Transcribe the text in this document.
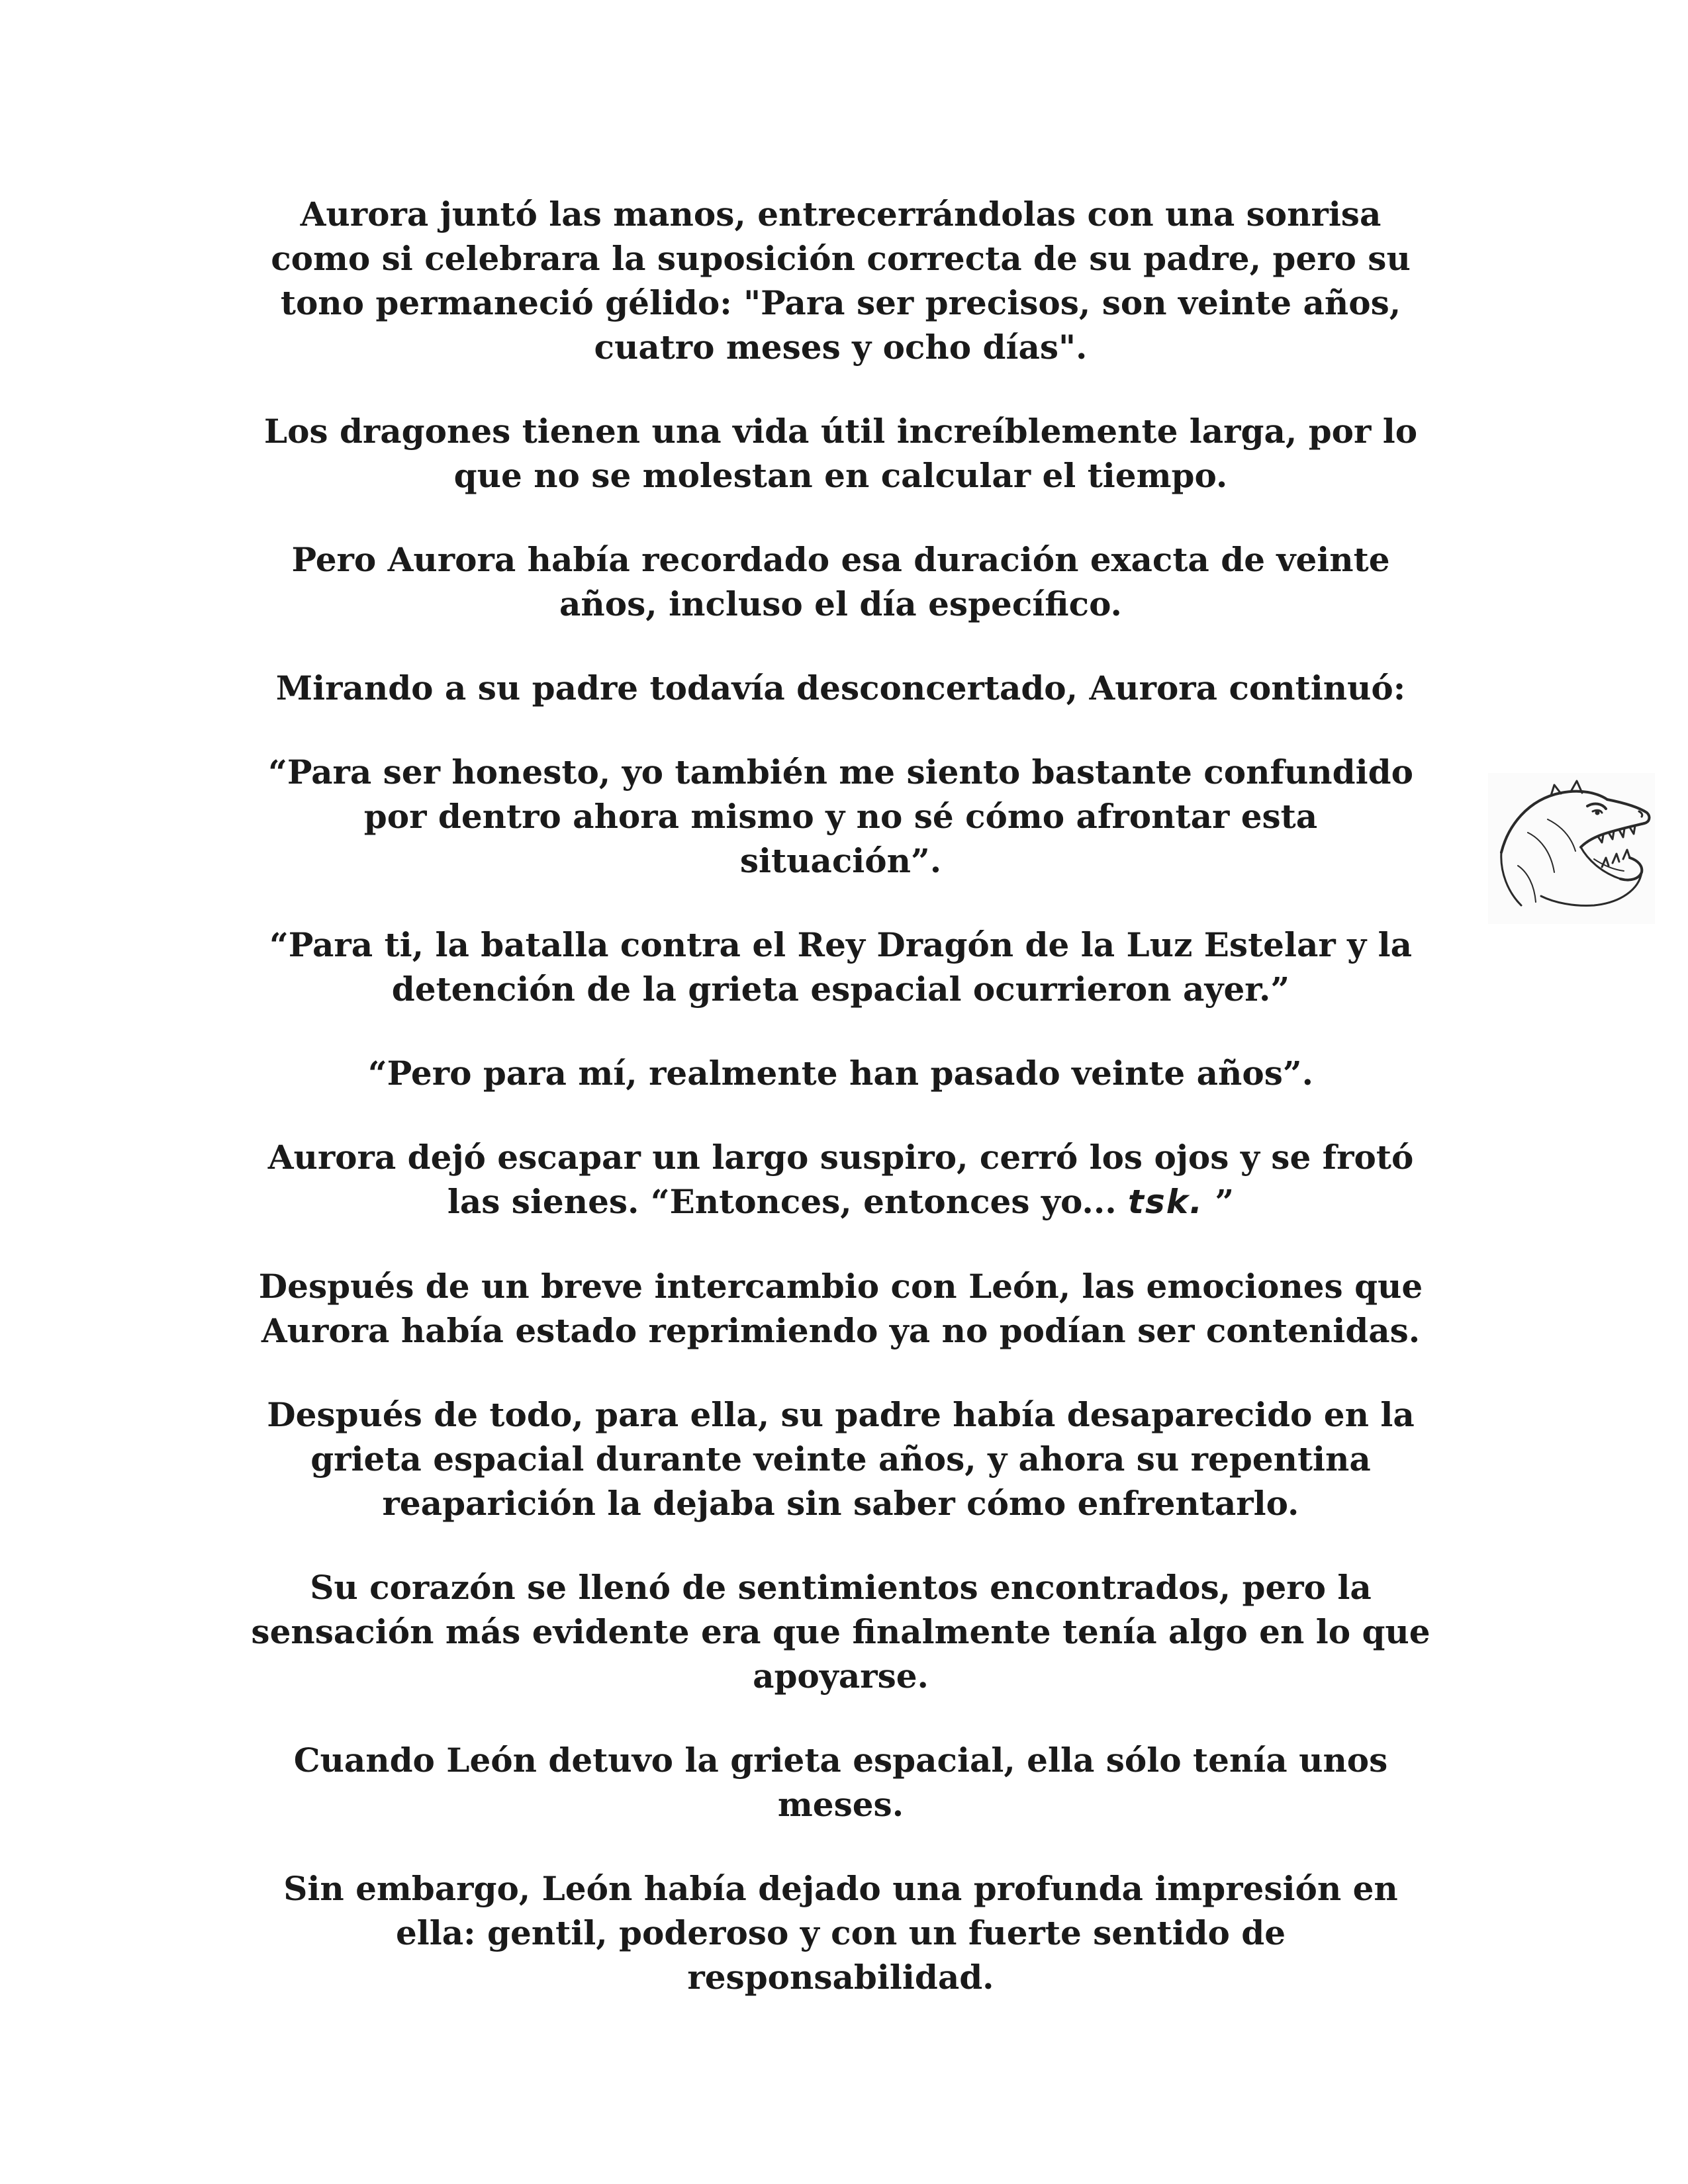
Aurora juntó las manos, entrecerrándolas con una sonrisa
como si celebrara la suposición correcta de su padre, pero su
tono permaneció gélido: "Para ser precisos, son veinte años,
cuatro meses y ocho días".

Los dragones tienen una vida útil increíblemente larga, por lo
que no se molestan en calcular el tiempo.

Pero Aurora había recordado esa duración exacta de veinte
años, incluso el día específico.

Mirando a su padre todavía desconcertado, Aurora continuó:

“Para ser honesto, yo también me siento bastante confundido
por dentro ahora mismo y no sé cómo afrontar esta
situación”.

“Para ti, la batalla contra el Rey Dragón de la Luz Estelar y la
detención de la grieta espacial ocurrieron ayer.”

“Pero para mí, realmente han pasado veinte años”.

Aurora dejó escapar un largo suspiro, cerró los ojos y se frotó
las sienes. “Entonces, entonces yo... tsk. ”

Después de un breve intercambio con León, las emociones que
Aurora había estado reprimiendo ya no podían ser contenidas.

Después de todo, para ella, su padre había desaparecido en la
grieta espacial durante veinte años, y ahora su repentina
reaparición la dejaba sin saber cómo enfrentarlo.

Su corazón se llenó de sentimientos encontrados, pero la
sensación más evidente era que finalmente tenía algo en lo que
apoyarse.

Cuando León detuvo la grieta espacial, ella sólo tenía unos
meses.

Sin embargo, León había dejado una profunda impresión en
ella: gentil, poderoso y con un fuerte sentido de
responsabilidad.
